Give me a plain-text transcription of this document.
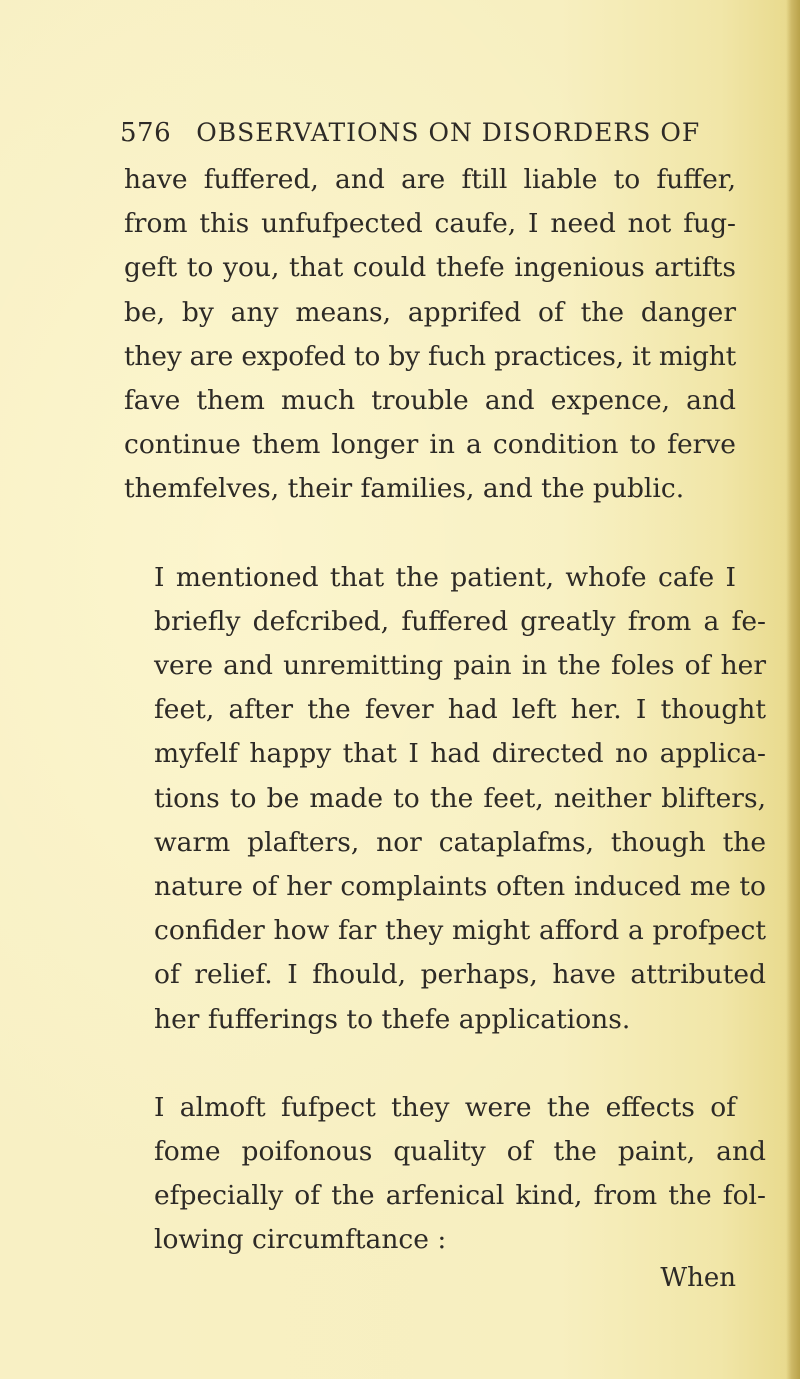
576 OBSERVATIONS ON DISORDERS OF

have fuffered, and are ftill liable to fuffer,
from this unfufpected caufe, I need not fug-
geft to you, that could thefe ingenious artifts
be, by any means, apprifed of the danger
they are expofed to by fuch practices, it might
fave them much trouble and expence, and
continue them longer in a condition to ferve
themfelves, their families, and the public.

I mentioned that the patient, whofe cafe I
briefly defcribed, fuffered greatly from a fe-
vere and unremitting pain in the foles of her
feet, after the fever had left her. I thought
myfelf happy that I had directed no applica-
tions to be made to the feet, neither blifters,
warm plafters, nor cataplafms, though the
nature of her complaints often induced me to
confider how far they might afford a profpect
of relief. I fhould, perhaps, have attributed
her fufferings to thefe applications.

I almoft fufpect they were the effects of
fome poifonous quality of the paint, and
efpecially of the arfenical kind, from the fol-
lowing circumftance :

When
